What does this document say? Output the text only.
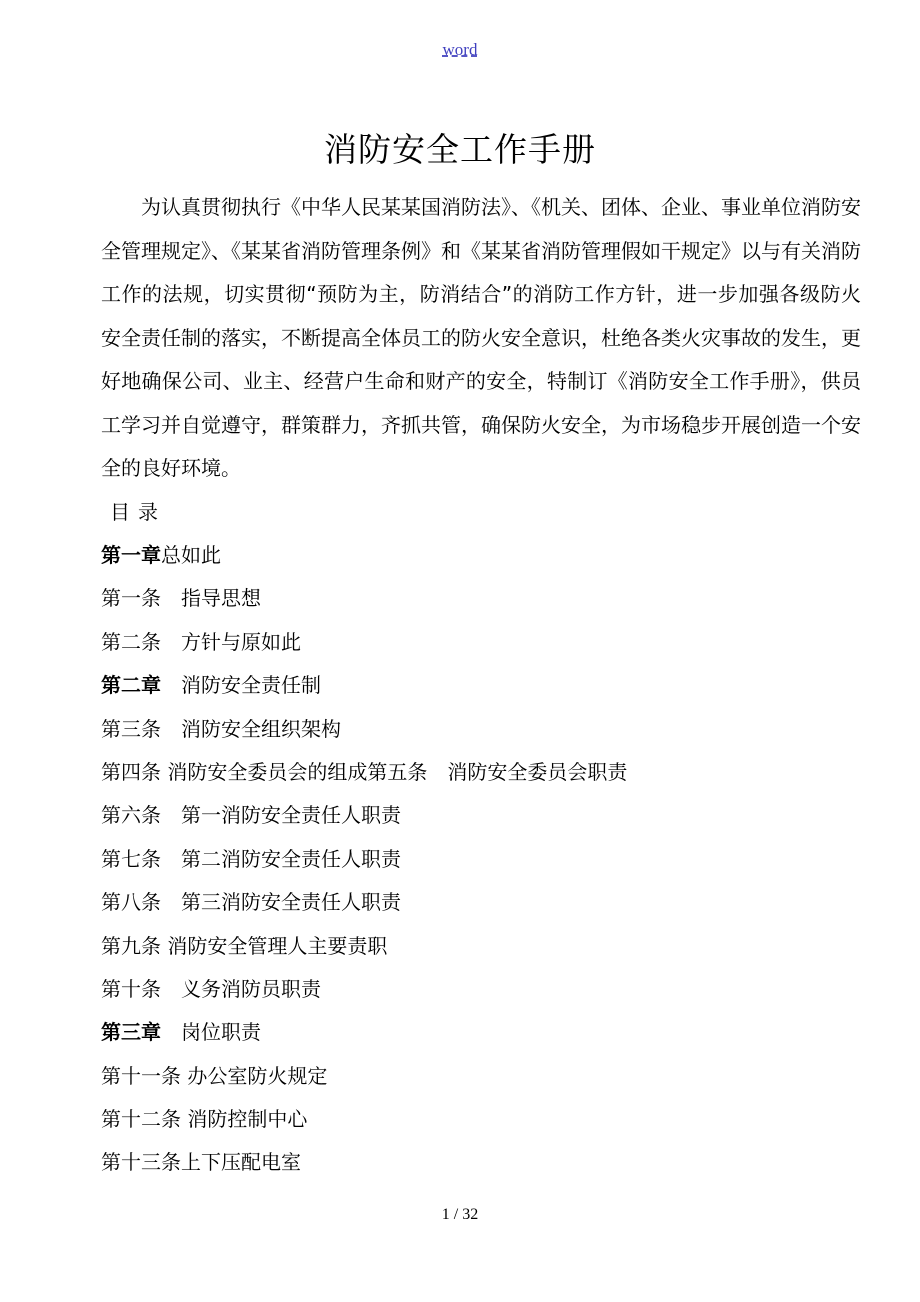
word
消防安全工作手册

为认真贯彻执行《中华人民某某国消防法》、《机关、团体、企业、事业单位消防安全管理规定》、《某某省消防管理条例》和《某某省消防管理假如干规定》以与有关消防工作的法规，切实贯彻“预防为主，防消结合”的消防工作方针，进一步加强各级防火安全责任制的落实，不断提高全体员工的防火安全意识，杜绝各类火灾事故的发生，更好地确保公司、业主、经营户生命和财产的安全，特制订《消防安全工作手册》，供员工学习并自觉遵守，群策群力，齐抓共管，确保防火安全，为市场稳步开展创造一个安全的良好环境。

目录
第一章总如此
第一条　指导思想
第二条　方针与原如此
第二章　消防安全责任制
第三条　消防安全组织架构
第四条 消防安全委员会的组成第五条　消防安全委员会职责
第六条　第一消防安全责任人职责
第七条　第二消防安全责任人职责
第八条　第三消防安全责任人职责
第九条 消防安全管理人主要责职
第十条　义务消防员职责
第三章　岗位职责
第十一条 办公室防火规定
第十二条 消防控制中心
第十三条上下压配电室
1 / 32
